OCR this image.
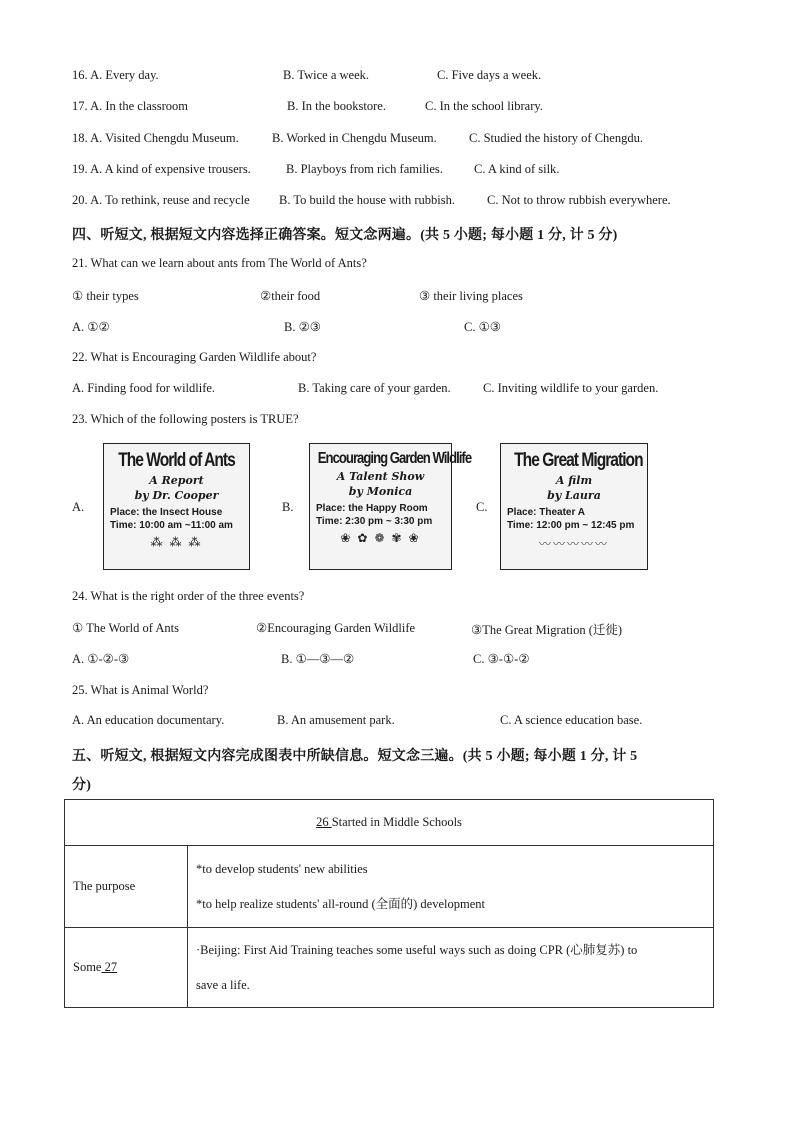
16. A. Every day.	B. Twice a week.	C. Five days a week.
17. A. In the classroom	B. In the bookstore.	C. In the school library.
18. A. Visited Chengdu Museum.	B. Worked in Chengdu Museum.	C. Studied the history of Chengdu.
19. A. A kind of expensive trousers.	B. Playboys from rich families. C. A kind of silk.
20. A. To rethink, reuse and recycle B. To build the house with rubbish.	C. Not to throw rubbish everywhere.
四、听短文, 根据短文内容选择正确答案。短文念两遍。(共 5 小题; 每小题 1 分, 计 5 分)
21. What can we learn about ants from The World of Ants?
① their types	②their food	③ their living places
A. ①②	B. ②③	C. ①③
22. What is Encouraging Garden Wildlife about?
A. Finding food for wildlife.	B. Taking care of your garden.	C. Inviting wildlife to your garden.
23. Which of the following posters is TRUE?
A.	B.	C.
The World of Ants
A Report
by Dr. Cooper
Place: the Insect House
Time: 10:00 am ~11:00 am
⁂ ⁂ ⁂
Encouraging Garden Wildlife
A Talent Show
by Monica
Place: the Happy Room
Time: 2:30 pm ~ 3:30 pm
❀ ✿ ❁ ✾ ❀
The Great Migration
A film
by Laura
Place: Theater A
Time: 12:00 pm ~ 12:45 pm
〰〰〰〰〰
24. What is the right order of the three events?
① The World of Ants	②Encouraging Garden Wildlife	③The Great Migration (迁徙)
A. ①-②-③	B. ①—③—②	C. ③-①-②
25. What is Animal World?
A. An education documentary.	B. An amusement park.	C. A science education base.
五、听短文, 根据短文内容完成图表中所缺信息。短文念三遍。(共 5 小题; 每小题 1 分, 计 5
分)
26 Started in Middle Schools	
The purpose	*to develop students' new abilities
*to help realize students' all-round (全面的) development

Some 27	·Beijing: First Aid Training teaches some useful ways such as doing CPR (心肺复苏) to
save a life.
